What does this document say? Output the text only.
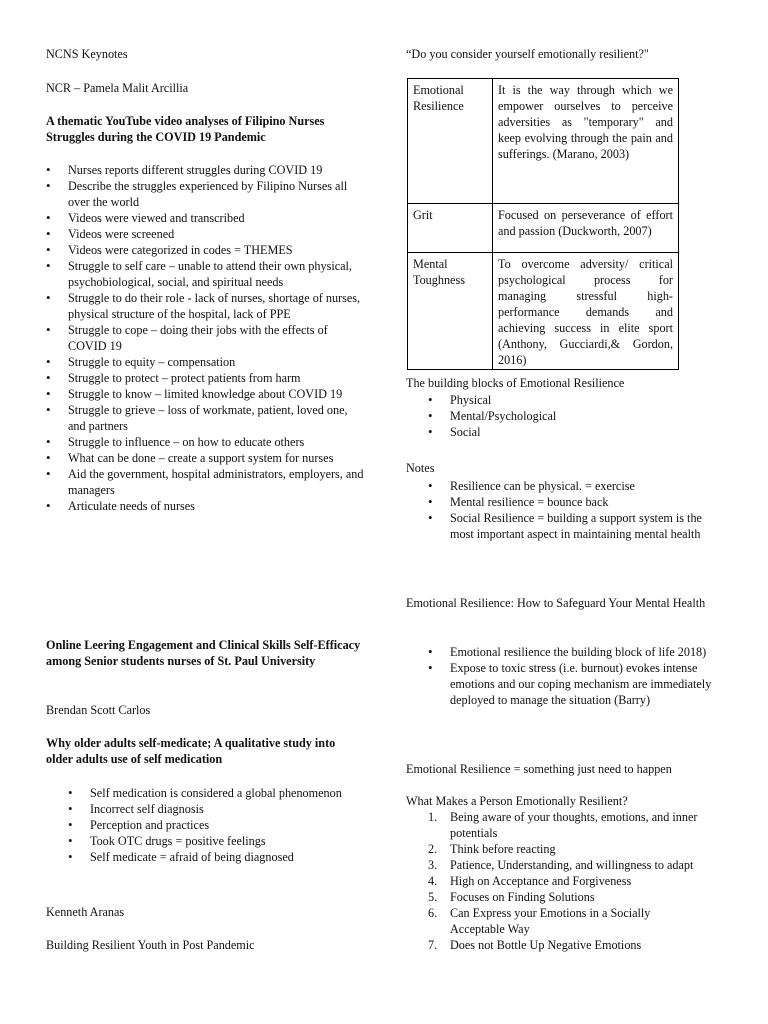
NCNS Keynotes

NCR – Pamela Malit Arcillia

A thematic YouTube video analyses of Filipino Nurses Struggles during the COVID 19 Pandemic

• Nurses reports different struggles during COVID 19
• Describe the struggles experienced by Filipino Nurses all over the world
• Videos were viewed and transcribed
• Videos were screened
• Videos were categorized in codes = THEMES
• Struggle to self care – unable to attend their own physical, psychobiological, social, and spiritual needs
• Struggle to do their role - lack of nurses, shortage of nurses, physical structure of the hospital, lack of PPE
• Struggle to cope – doing their jobs with the effects of COVID 19
• Struggle to equity – compensation
• Struggle to protect – protect patients from harm
• Struggle to know – limited knowledge about COVID 19
• Struggle to grieve – loss of workmate, patient, loved one, and partners
• Struggle to influence – on how to educate others
• What can be done – create a support system for nurses
• Aid the government, hospital administrators, employers, and managers
• Articulate needs of nurses

Online Leering Engagement and Clinical Skills Self-Efficacy among Senior students nurses of St. Paul University

Brendan Scott Carlos

Why older adults self-medicate; A qualitative study into older adults use of self medication

• Self medication is considered a global phenomenon
• Incorrect self diagnosis
• Perception and practices
• Took OTC drugs = positive feelings
• Self medicate = afraid of being diagnosed

Kenneth Aranas

Building Resilient Youth in Post Pandemic

“Do you consider yourself emotionally resilient?"

Emotional Resilience	It is the way through which we empower ourselves to perceive adversities as "temporary" and keep evolving through the pain and sufferings. (Marano, 2003)
Grit	Focused on perseverance of effort and passion (Duckworth, 2007)
Mental Toughness	To overcome adversity/ critical psychological process for managing stressful high-performance demands and achieving success in elite sport (Anthony, Gucciardi,& Gordon, 2016)

The building blocks of Emotional Resilience

• Physical
• Mental/Psychological
• Social

Notes

• Resilience can be physical. = exercise
• Mental resilience = bounce back
• Social Resilience = building a support system is the most important aspect in maintaining mental health

Emotional Resilience: How to Safeguard Your Mental Health

• Emotional resilience the building block of life 2018)
• Expose to toxic stress (i.e. burnout) evokes intense emotions and our coping mechanism are immediately deployed to manage the situation (Barry)

Emotional Resilience = something just need to happen

What Makes a Person Emotionally Resilient?

1. Being aware of your thoughts, emotions, and inner potentials
2. Think before reacting
3. Patience, Understanding, and willingness to adapt
4. High on Acceptance and Forgiveness
5. Focuses on Finding Solutions
6. Can Express your Emotions in a Socially Acceptable Way
7. Does not Bottle Up Negative Emotions
